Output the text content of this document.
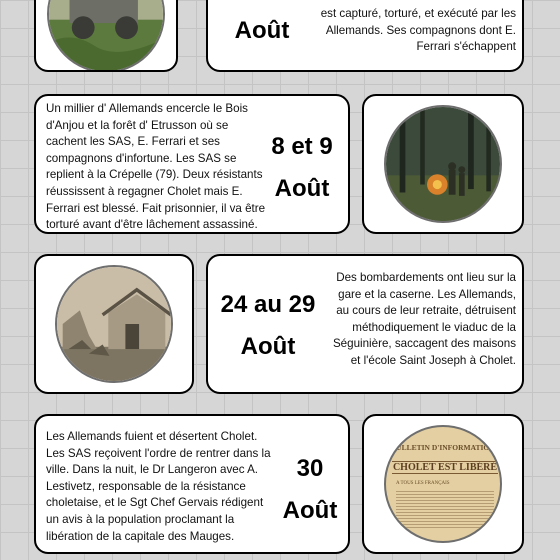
Août

est capturé, torturé, et exécuté par les Allemands. Ses compagnons dont E. Ferrari s'échappent

Un millier d' Allemands encercle le Bois d'Anjou et la forêt d' Etrusson où se cachent les SAS, E. Ferrari et ses compagnons d'infortune. Les SAS se replient à la Crépelle (79). Deux résistants réussissent à regagner Cholet mais E. Ferrari est blessé. Fait prisonnier, il va être torturé avant d'être lâchement assassiné.

8 et 9

Août

24 au 29

Août

Des bombardements ont lieu sur la gare et la caserne. Les Allemands, au cours de leur retraite, détruisent méthodiquement le viaduc de la Séguinière, saccagent des maisons et l'école Saint Joseph à Cholet.

Les Allemands fuient et désertent Cholet. Les SAS reçoivent l'ordre de rentrer dans la ville. Dans la nuit, le Dr Langeron avec A. Lestivetz, responsable de la résistance choletaise, et le Sgt Chef Gervais rédigent un avis à la population proclamant la libération de la capitale des Mauges.

30

Août

BULLETIN D'INFORMATIONS
CHOLET EST LIBÉRÉ
A TOUS LES FRANÇAIS
